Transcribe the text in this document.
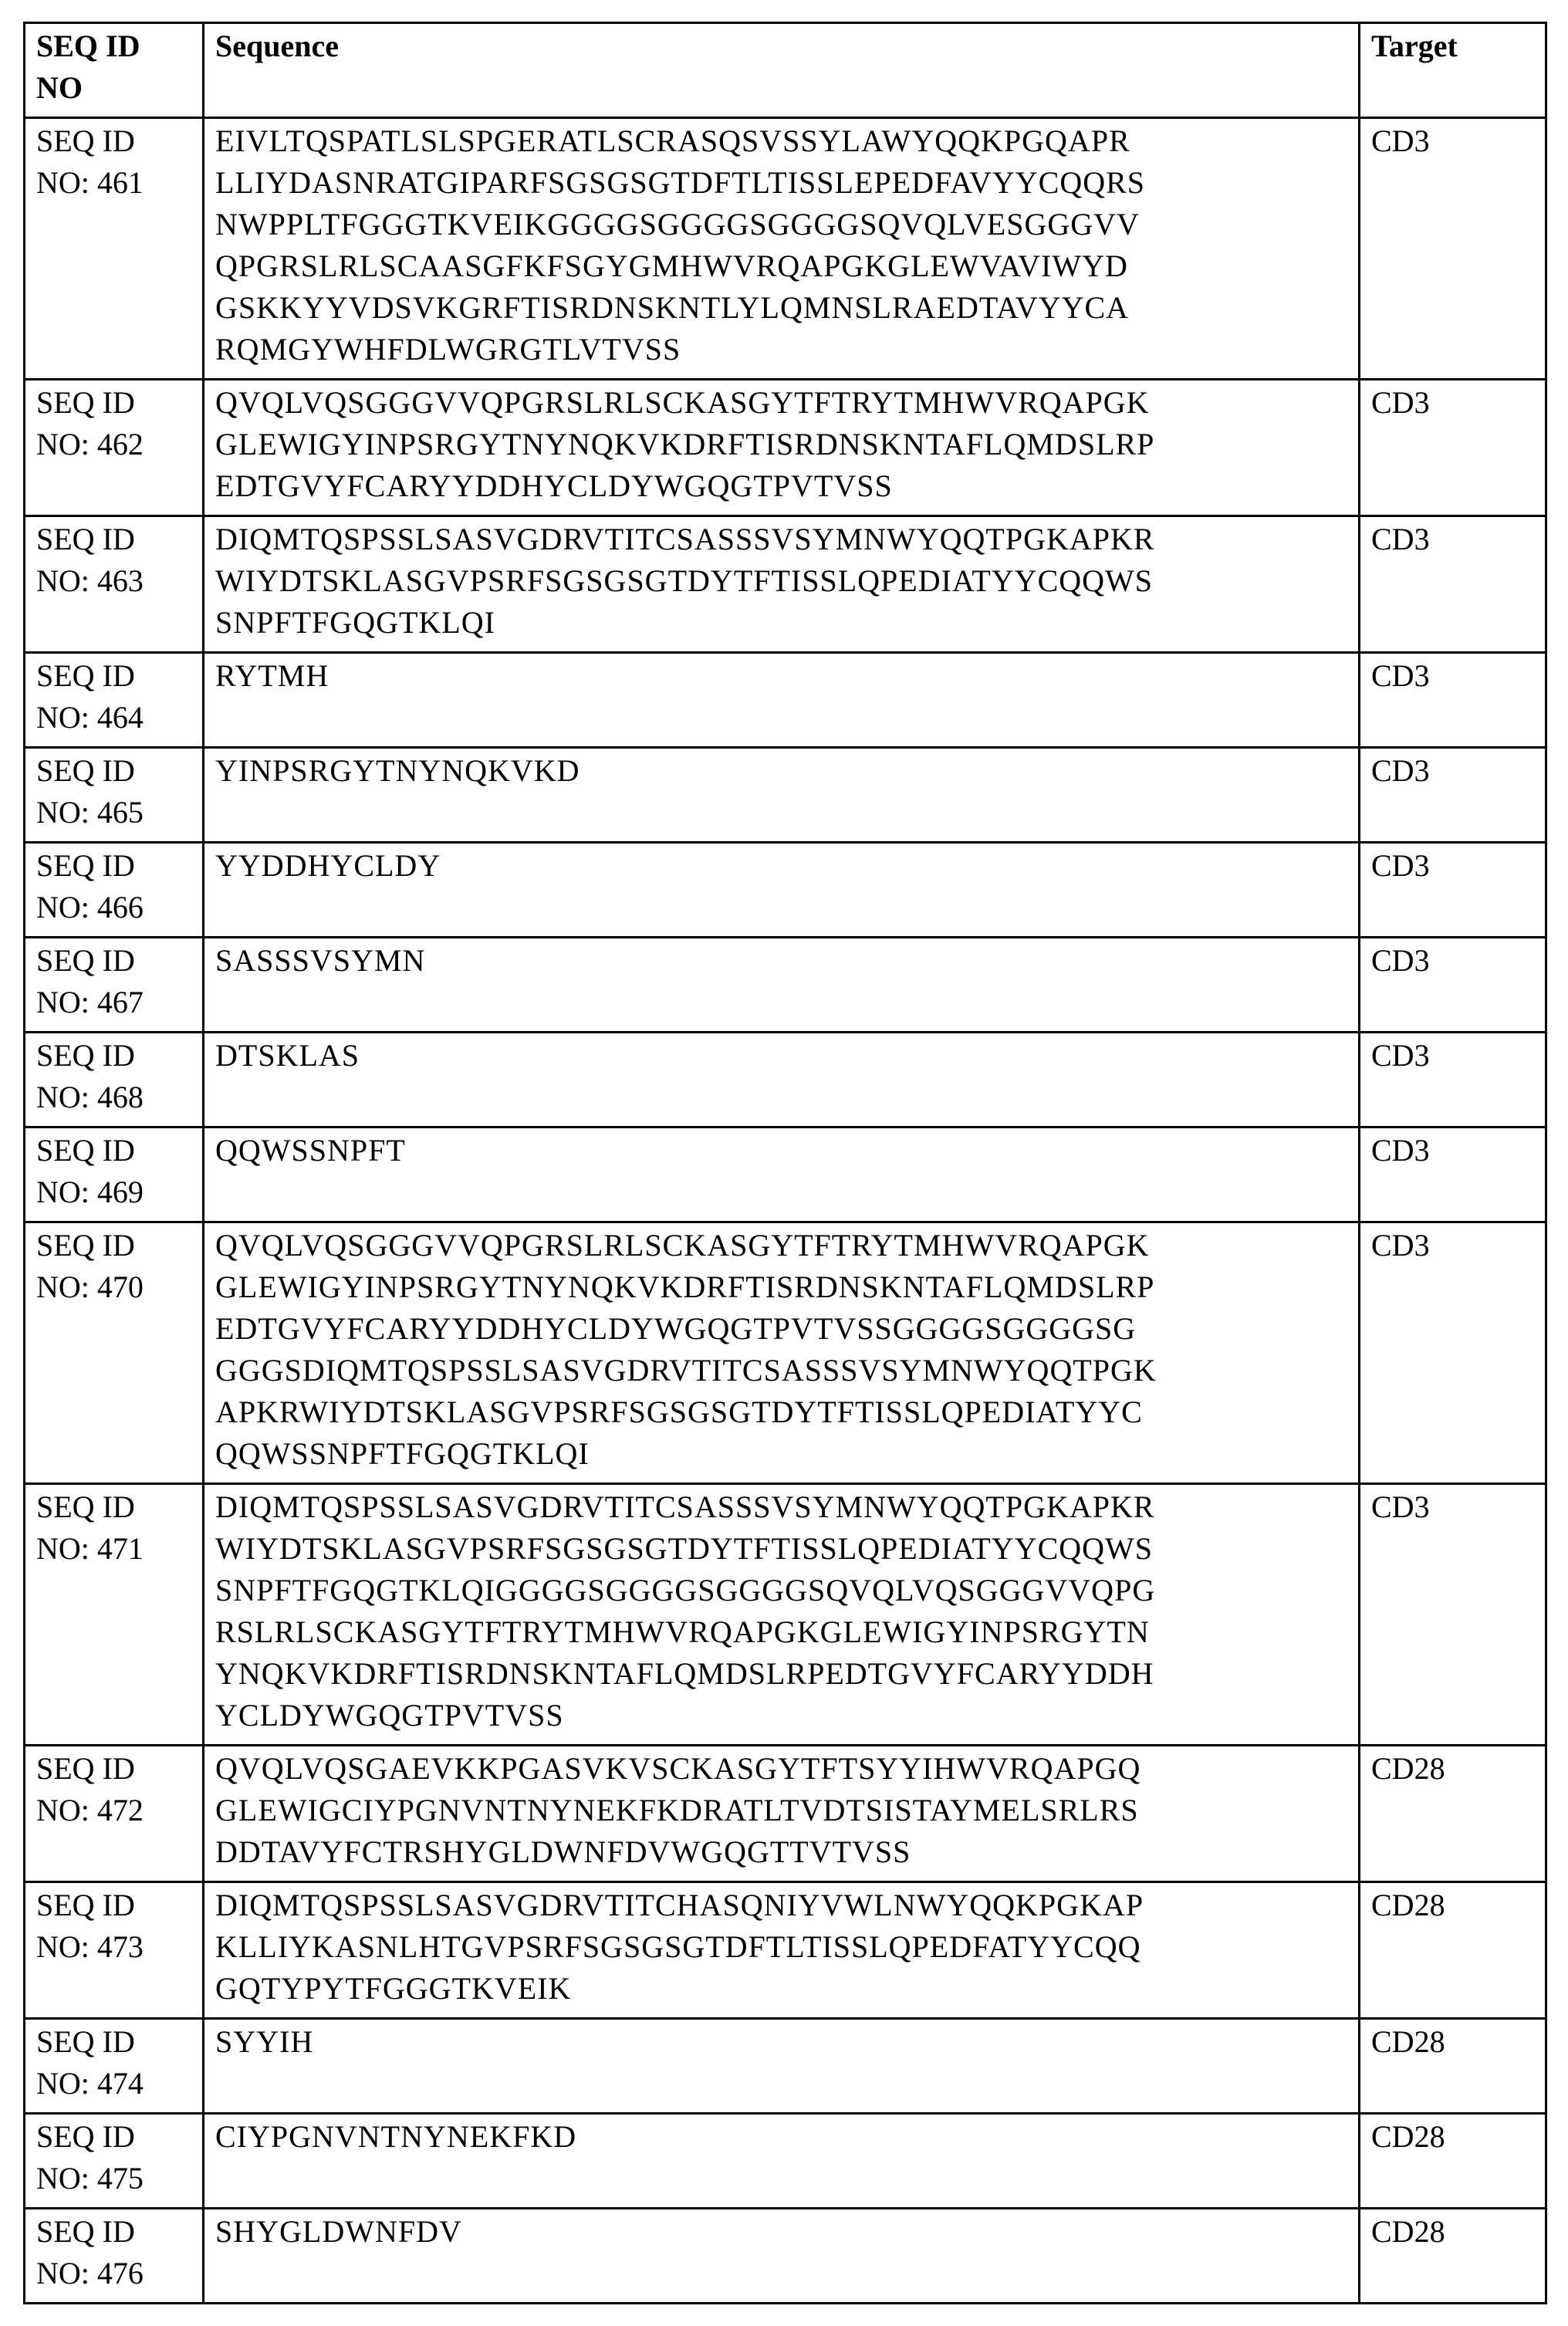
SEQ ID
NO	Sequence	Target
SEQ ID
NO: 461	EIVLTQSPATLSLSPGERATLSCRASQSVSSYLAWYQQKPGQAPR
LLIYDASNRATGIPARFSGSGSGTDFTLTISSLEPEDFAVYYCQQRS
NWPPLTFGGGTKVEIKGGGGSGGGGSGGGGSQVQLVESGGGVV
QPGRSLRLSCAASGFKFSGYGMHWVRQAPGKGLEWVAVIWYD
GSKKYYVDSVKGRFTISRDNSKNTLYLQMNSLRAEDTAVYYCA
RQMGYWHFDLWGRGTLVTVSS	CD3
SEQ ID
NO: 462	QVQLVQSGGGVVQPGRSLRLSCKASGYTFTRYTMHWVRQAPGK
GLEWIGYINPSRGYTNYNQKVKDRFTISRDNSKNTAFLQMDSLRP
EDTGVYFCARYYDDHYCLDYWGQGTPVTVSS	CD3
SEQ ID
NO: 463	DIQMTQSPSSLSASVGDRVTITCSASSSVSYMNWYQQTPGKAPKR
WIYDTSKLASGVPSRFSGSGSGTDYTFTISSLQPEDIATYYCQQWS
SNPFTFGQGTKLQI	CD3
SEQ ID
NO: 464	RYTMH	CD3
SEQ ID
NO: 465	YINPSRGYTNYNQKVKD	CD3
SEQ ID
NO: 466	YYDDHYCLDY	CD3
SEQ ID
NO: 467	SASSSVSYMN	CD3
SEQ ID
NO: 468	DTSKLAS	CD3
SEQ ID
NO: 469	QQWSSNPFT	CD3
SEQ ID
NO: 470	QVQLVQSGGGVVQPGRSLRLSCKASGYTFTRYTMHWVRQAPGK
GLEWIGYINPSRGYTNYNQKVKDRFTISRDNSKNTAFLQMDSLRP
EDTGVYFCARYYDDHYCLDYWGQGTPVTVSSGGGGSGGGGSG
GGGSDIQMTQSPSSLSASVGDRVTITCSASSSVSYMNWYQQTPGK
APKRWIYDTSKLASGVPSRFSGSGSGTDYTFTISSLQPEDIATYYC
QQWSSNPFTFGQGTKLQI	CD3
SEQ ID
NO: 471	DIQMTQSPSSLSASVGDRVTITCSASSSVSYMNWYQQTPGKAPKR
WIYDTSKLASGVPSRFSGSGSGTDYTFTISSLQPEDIATYYCQQWS
SNPFTFGQGTKLQIGGGGSGGGGSGGGGSQVQLVQSGGGVVQPG
RSLRLSCKASGYTFTRYTMHWVRQAPGKGLEWIGYINPSRGYTN
YNQKVKDRFTISRDNSKNTAFLQMDSLRPEDTGVYFCARYYDDH
YCLDYWGQGTPVTVSS	CD3
SEQ ID
NO: 472	QVQLVQSGAEVKKPGASVKVSCKASGYTFTSYYIHWVRQAPGQ
GLEWIGCIYPGNVNTNYNEKFKDRATLTVDTSISTAYMELSRLRS
DDTAVYFCTRSHYGLDWNFDVWGQGTTVTVSS	CD28
SEQ ID
NO: 473	DIQMTQSPSSLSASVGDRVTITCHASQNIYVWLNWYQQKPGKAP
KLLIYKASNLHTGVPSRFSGSGSGTDFTLTISSLQPEDFATYYCQQ
GQTYPYTFGGGTKVEIK	CD28
SEQ ID
NO: 474	SYYIH	CD28
SEQ ID
NO: 475	CIYPGNVNTNYNEKFKD	CD28
SEQ ID
NO: 476	SHYGLDWNFDV	CD28
